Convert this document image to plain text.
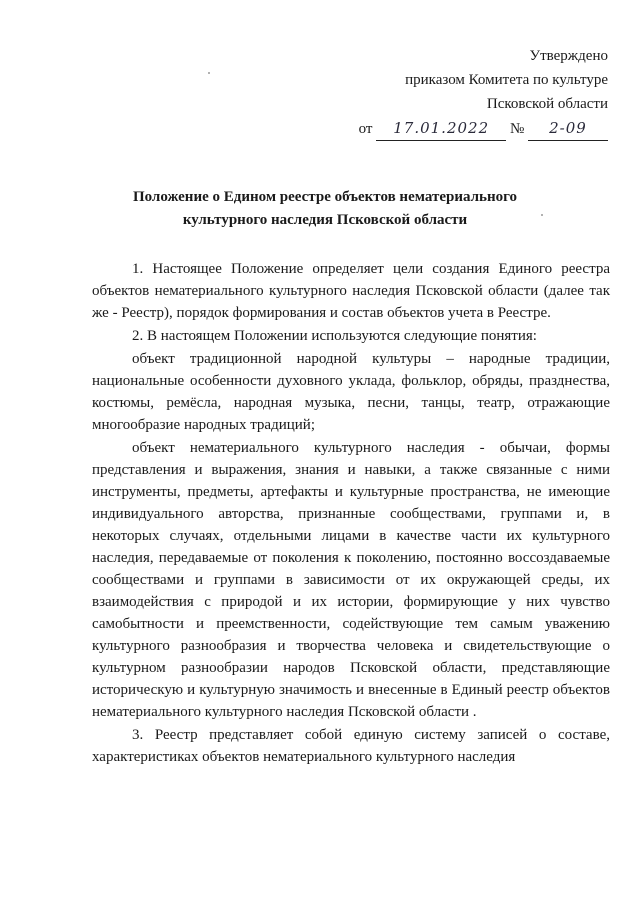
Утверждено
приказом Комитета по культуре
Псковской области
от 17.01.2022 № 2-09
Положение о Едином реестре объектов нематериального
культурного наследия Псковской области

1. Настоящее Положение определяет цели создания Единого реестра объектов нематериального культурного наследия Псковской области (далее так же - Реестр), порядок формирования и состав объектов учета в Реестре.

2. В настоящем Положении используются следующие понятия:

объект традиционной народной культуры – народные традиции, национальные особенности духовного уклада, фольклор, обряды, празднества, костюмы, ремёсла, народная музыка, песни, танцы, театр, отражающие многообразие народных традиций;

объект нематериального культурного наследия - обычаи, формы представления и выражения, знания и навыки, а также связанные с ними инструменты, предметы, артефакты и культурные пространства, не имеющие индивидуального авторства, признанные сообществами, группами и, в некоторых случаях, отдельными лицами в качестве части их культурного наследия, передаваемые от поколения к поколению, постоянно воссоздаваемые сообществами и группами в зависимости от их окружающей среды, их взаимодействия с природой и их истории, формирующие у них чувство самобытности и преемственности, содействующие тем самым уважению культурного разнообразия и творчества человека и свидетельствующие о культурном разнообразии народов Псковской области, представляющие историческую и культурную значимость и внесенные в Единый реестр объектов нематериального культурного наследия Псковской области .

3. Реестр представляет собой единую систему записей о составе, характеристиках объектов нематериального культурного наследия
